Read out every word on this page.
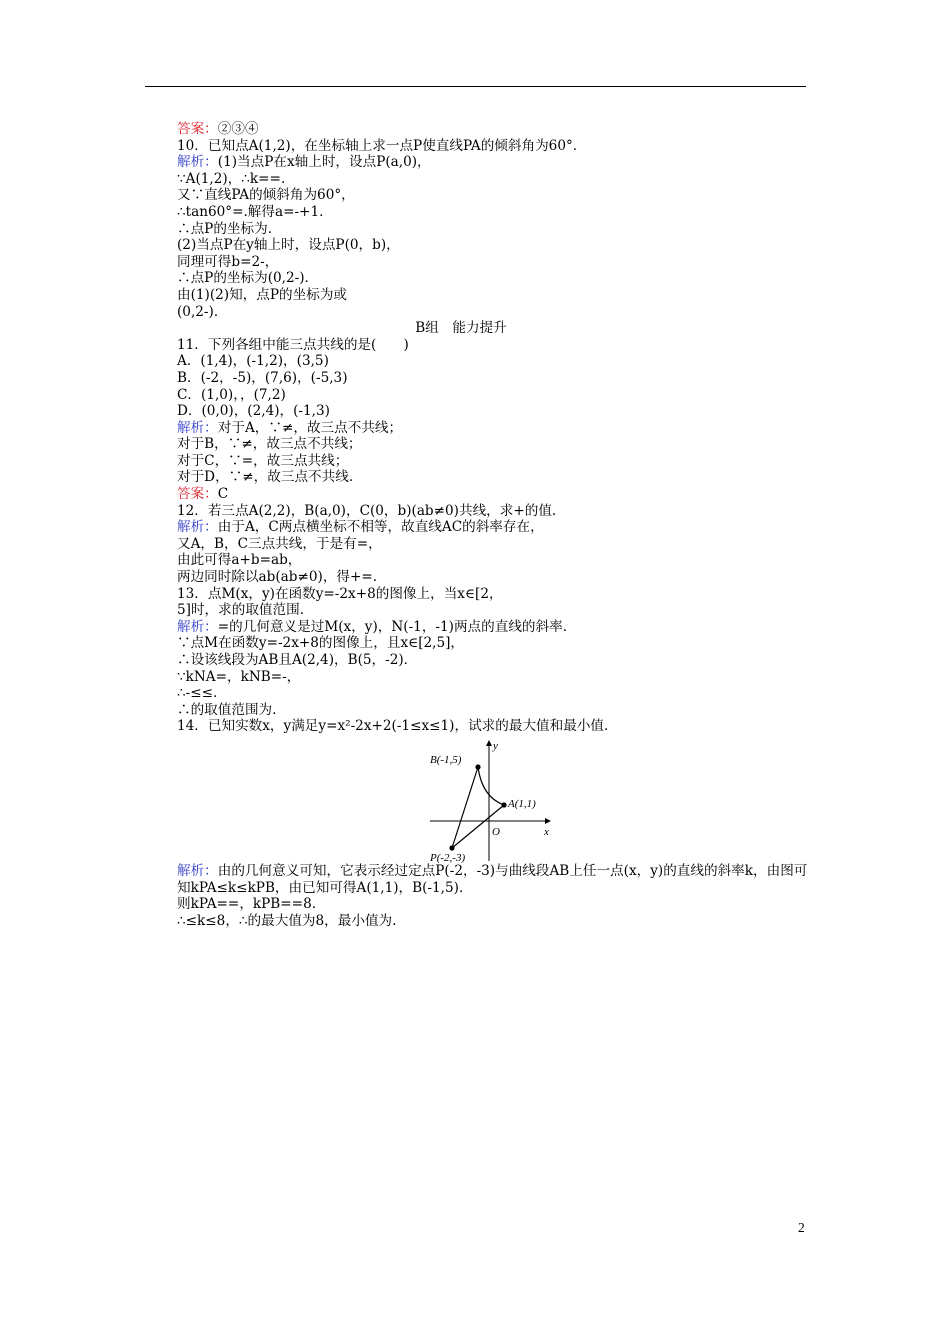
答案：②③④
10．已知点A(1,2)，在坐标轴上求一点P使直线PA的倾斜角为60°．
解析：(1)当点P在x轴上时，设点P(a,0)，
∵A(1,2)，∴k==.
又∵直线PA的倾斜角为60°，
∴tan60°=.解得a=-+1.
∴点P的坐标为.
(2)当点P在y轴上时，设点P(0，b)，
同理可得b=2-，
∴点P的坐标为(0,2-)．
由(1)(2)知，点P的坐标为或
(0,2-)．
B组　能力提升
11．下列各组中能三点共线的是(　　)
A．(1,4)，(-1,2)，(3,5)
B．(-2，-5)，(7,6)，(-5,3)
C．(1,0)，，(7,2)
D．(0,0)，(2,4)，(-1,3)
解析：对于A，∵≠，故三点不共线；
对于B，∵≠，故三点不共线；
对于C，∵=，故三点共线；
对于D，∵≠，故三点不共线.
答案：C
12．若三点A(2,2)，B(a,0)，C(0，b)(ab≠0)共线，求+的值.
解析：由于A，C两点横坐标不相等，故直线AC的斜率存在，
又A，B，C三点共线，于是有=，
由此可得a+b=ab，
两边同时除以ab(ab≠0)，得+=.
13．点M(x，y)在函数y=-2x+8的图像上，当x∈[2，
5]时，求的取值范围.
解析：=的几何意义是过M(x，y)，N(-1，-1)两点的直线的斜率.
∵点M在函数y=-2x+8的图像上，且x∈[2,5]，
∴设该线段为AB且A(2,4)，B(5，-2)．
∵kNA=，kNB=-，
∴-≤≤.
∴的取值范围为.
14．已知实数x，y满足y=x²-2x+2(-1≤x≤1)，试求的最大值和最小值.
B(-1,5)
A(1,1)
P(-2,-3)
O	x
y
解析：由的几何意义可知，它表示经过定点P(-2，-3)与曲线段AB上任一点(x，y)的直线的斜率k，由图可知kPA≤k≤kPB，由已知可得A(1,1)，B(-1,5)．
则kPA==，kPB==8.
∴≤k≤8，∴的最大值为8，最小值为.
2
